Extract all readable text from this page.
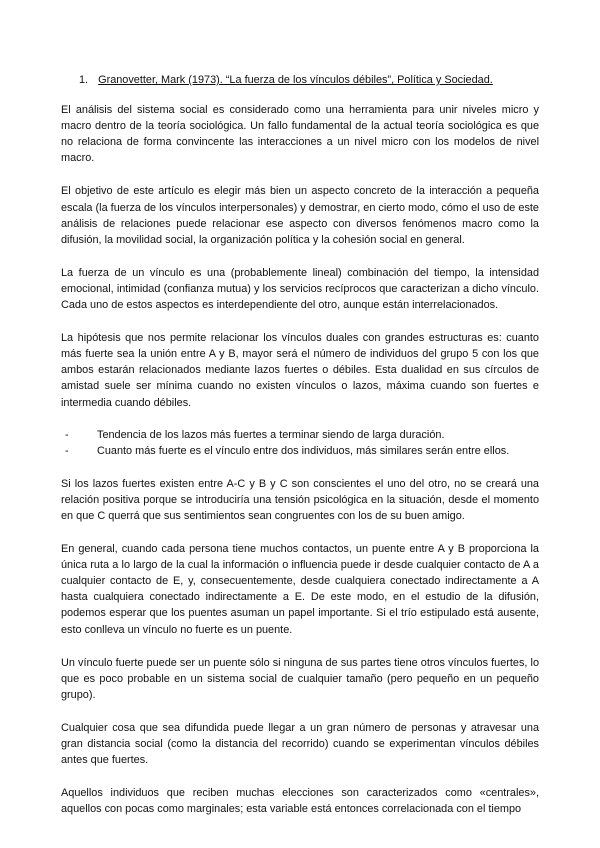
1. Granovetter, Mark (1973). “La fuerza de los vínculos débiles”, Política y Sociedad.

El análisis del sistema social es considerado como una herramienta para unir niveles micro y macro dentro de la teoría sociológica. Un fallo fundamental de la actual teoría sociológica es que no relaciona de forma convincente las interacciones a un nivel micro con los modelos de nivel macro.

El objetivo de este artículo es elegir más bien un aspecto concreto de la interacción a pequeña escala (la fuerza de los vínculos interpersonales) y demostrar, en cierto modo, cómo el uso de este análisis de relaciones puede relacionar ese aspecto con diversos fenómenos macro como la difusión, la movilidad social, la organización política y la cohesión social en general.

La fuerza de un vínculo es una (probablemente lineal) combinación del tiempo, la intensidad emocional, intimidad (confianza mutua) y los servicios recíprocos que caracterizan a dicho vínculo. Cada uno de estos aspectos es interdependiente del otro, aunque están interrelacionados.

La hipótesis que nos permite relacionar los vínculos duales con grandes estructuras es: cuanto más fuerte sea la unión entre A y B, mayor será el número de individuos del grupo 5 con los que ambos estarán relacionados mediante lazos fuertes o débiles. Esta dualidad en sus círculos de amistad suele ser mínima cuando no existen vínculos o lazos, máxima cuando son fuertes e intermedia cuando débiles.

-	Tendencia de los lazos más fuertes a terminar siendo de larga duración.
-	Cuanto más fuerte es el vínculo entre dos individuos, más similares serán entre ellos.

Si los lazos fuertes existen entre A-C y B y C son conscientes el uno del otro, no se creará una relación positiva porque se introduciría una tensión psicológica en la situación, desde el momento en que C querrá que sus sentimientos sean congruentes con los de su buen amigo.

En general, cuando cada persona tiene muchos contactos, un puente entre A y B proporciona la única ruta a lo largo de la cual la información o influencia puede ir desde cualquier contacto de A a cualquier contacto de E, y, consecuentemente, desde cualquiera conectado indirectamente a A hasta cualquiera conectado indirectamente a E. De este modo, en el estudio de la difusión, podemos esperar que los puentes asuman un papel importante. Si el trío estipulado está ausente, esto conlleva un vínculo no fuerte es un puente.

Un vínculo fuerte puede ser un puente sólo si ninguna de sus partes tiene otros vínculos fuertes, lo que es poco probable en un sistema social de cualquier tamaño (pero pequeño en un pequeño grupo).

Cualquier cosa que sea difundida puede llegar a un gran número de personas y atravesar una gran distancia social (como la distancia del recorrido) cuando se experimentan vínculos débiles antes que fuertes.

Aquellos individuos que reciben muchas elecciones son caracterizados como «centrales», aquellos con pocas como marginales; esta variable está entonces correlacionada con el tiempo
